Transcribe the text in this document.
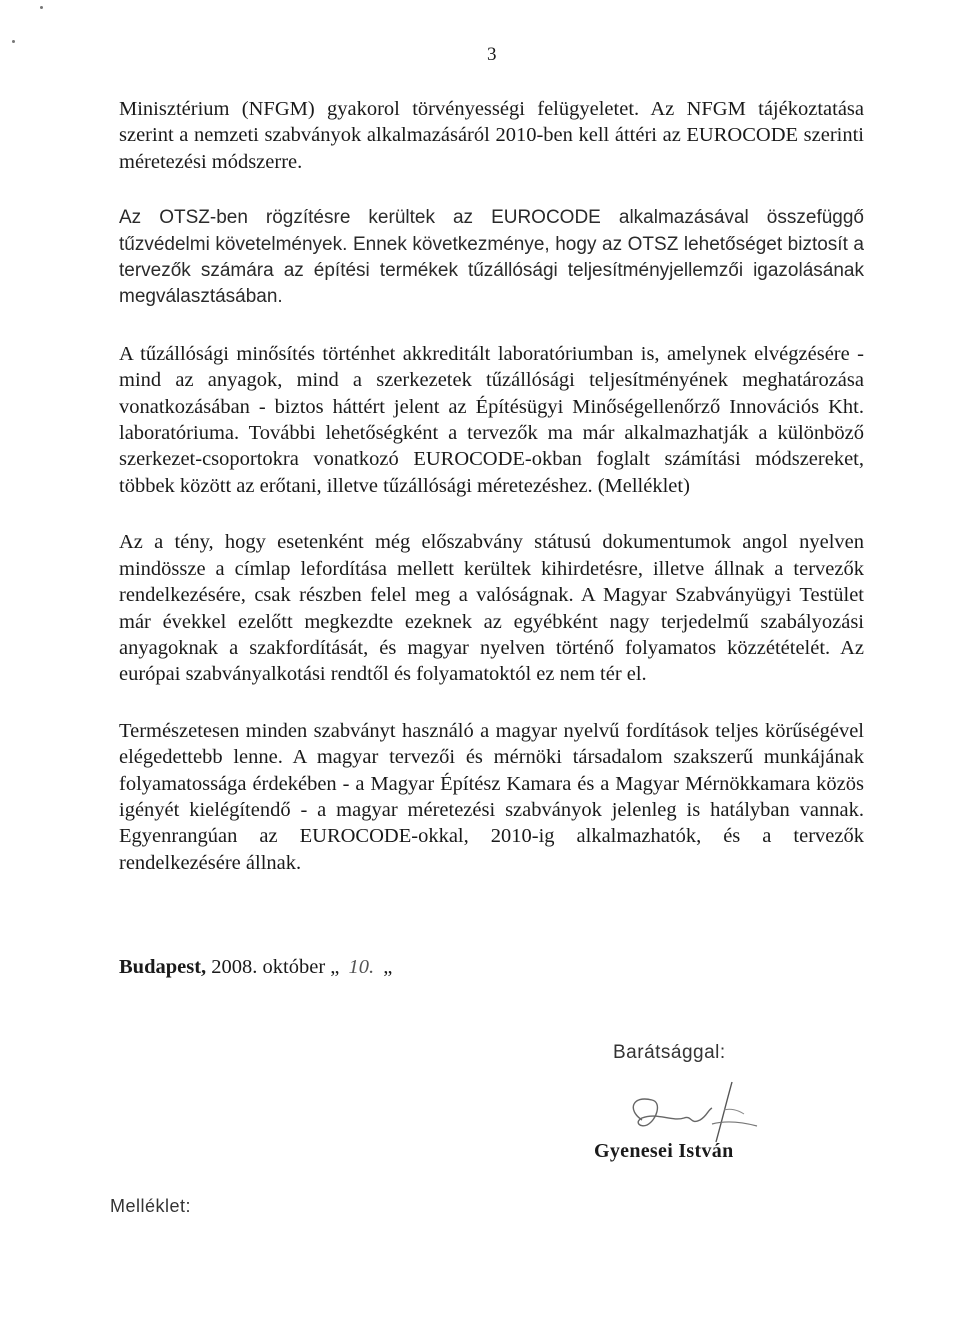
3

Minisztérium (NFGM) gyakorol törvényességi felügyeletet. Az NFGM tájékoztatása szerint a nemzeti szabványok alkalmazásáról 2010-ben kell áttéri az EUROCODE szerinti méretezési módszerre.

Az OTSZ-ben rögzítésre kerültek az EUROCODE alkalmazásával összefüggő tűzvédelmi követelmények. Ennek következménye, hogy az OTSZ lehetőséget biztosít a tervezők számára az építési termékek tűzállósági teljesítményjellemzői igazolásának megválasztásában.

A tűzállósági minősítés történhet akkreditált laboratóriumban is, amelynek elvégzésére - mind az anyagok, mind a szerkezetek tűzállósági teljesítményének meghatározása vonatkozásában - biztos háttért jelent az Építésügyi Minőségellenőrző Innovációs Kht. laboratóriuma. További lehetőségként a tervezők ma már alkalmazhatják a különböző szerkezet-csoportokra vonatkozó EUROCODE-okban foglalt számítási módszereket, többek között az erőtani, illetve tűzállósági méretezéshez. (Melléklet)

Az a tény, hogy esetenként még előszabvány státusú dokumentumok angol nyelven mindössze a címlap lefordítása mellett kerültek kihirdetésre, illetve állnak a tervezők rendelkezésére, csak részben felel meg a valóságnak. A Magyar Szabványügyi Testület már évekkel ezelőtt megkezdte ezeknek az egyébként nagy terjedelmű szabályozási anyagoknak a szakfordítását, és magyar nyelven történő folyamatos közzétételét. Az európai szabványalkotási rendtől és folyamatoktól ez nem tér el.

Természetesen minden szabványt használó a magyar nyelvű fordítások teljes körűségével elégedettebb lenne. A magyar tervezői és mérnöki társadalom szakszerű munkájának folyamatossága érdekében - a Magyar Építész Kamara és a Magyar Mérnökkamara közös igényét kielégítendő - a magyar méretezési szabványok jelenleg is hatályban vannak. Egyenrangúan az EUROCODE-okkal, 2010-ig alkalmazhatók, és a tervezők rendelkezésére állnak.

Budapest, 2008. október „ 10. „
Barátsággal:
Gyenesei István
Melléklet:
